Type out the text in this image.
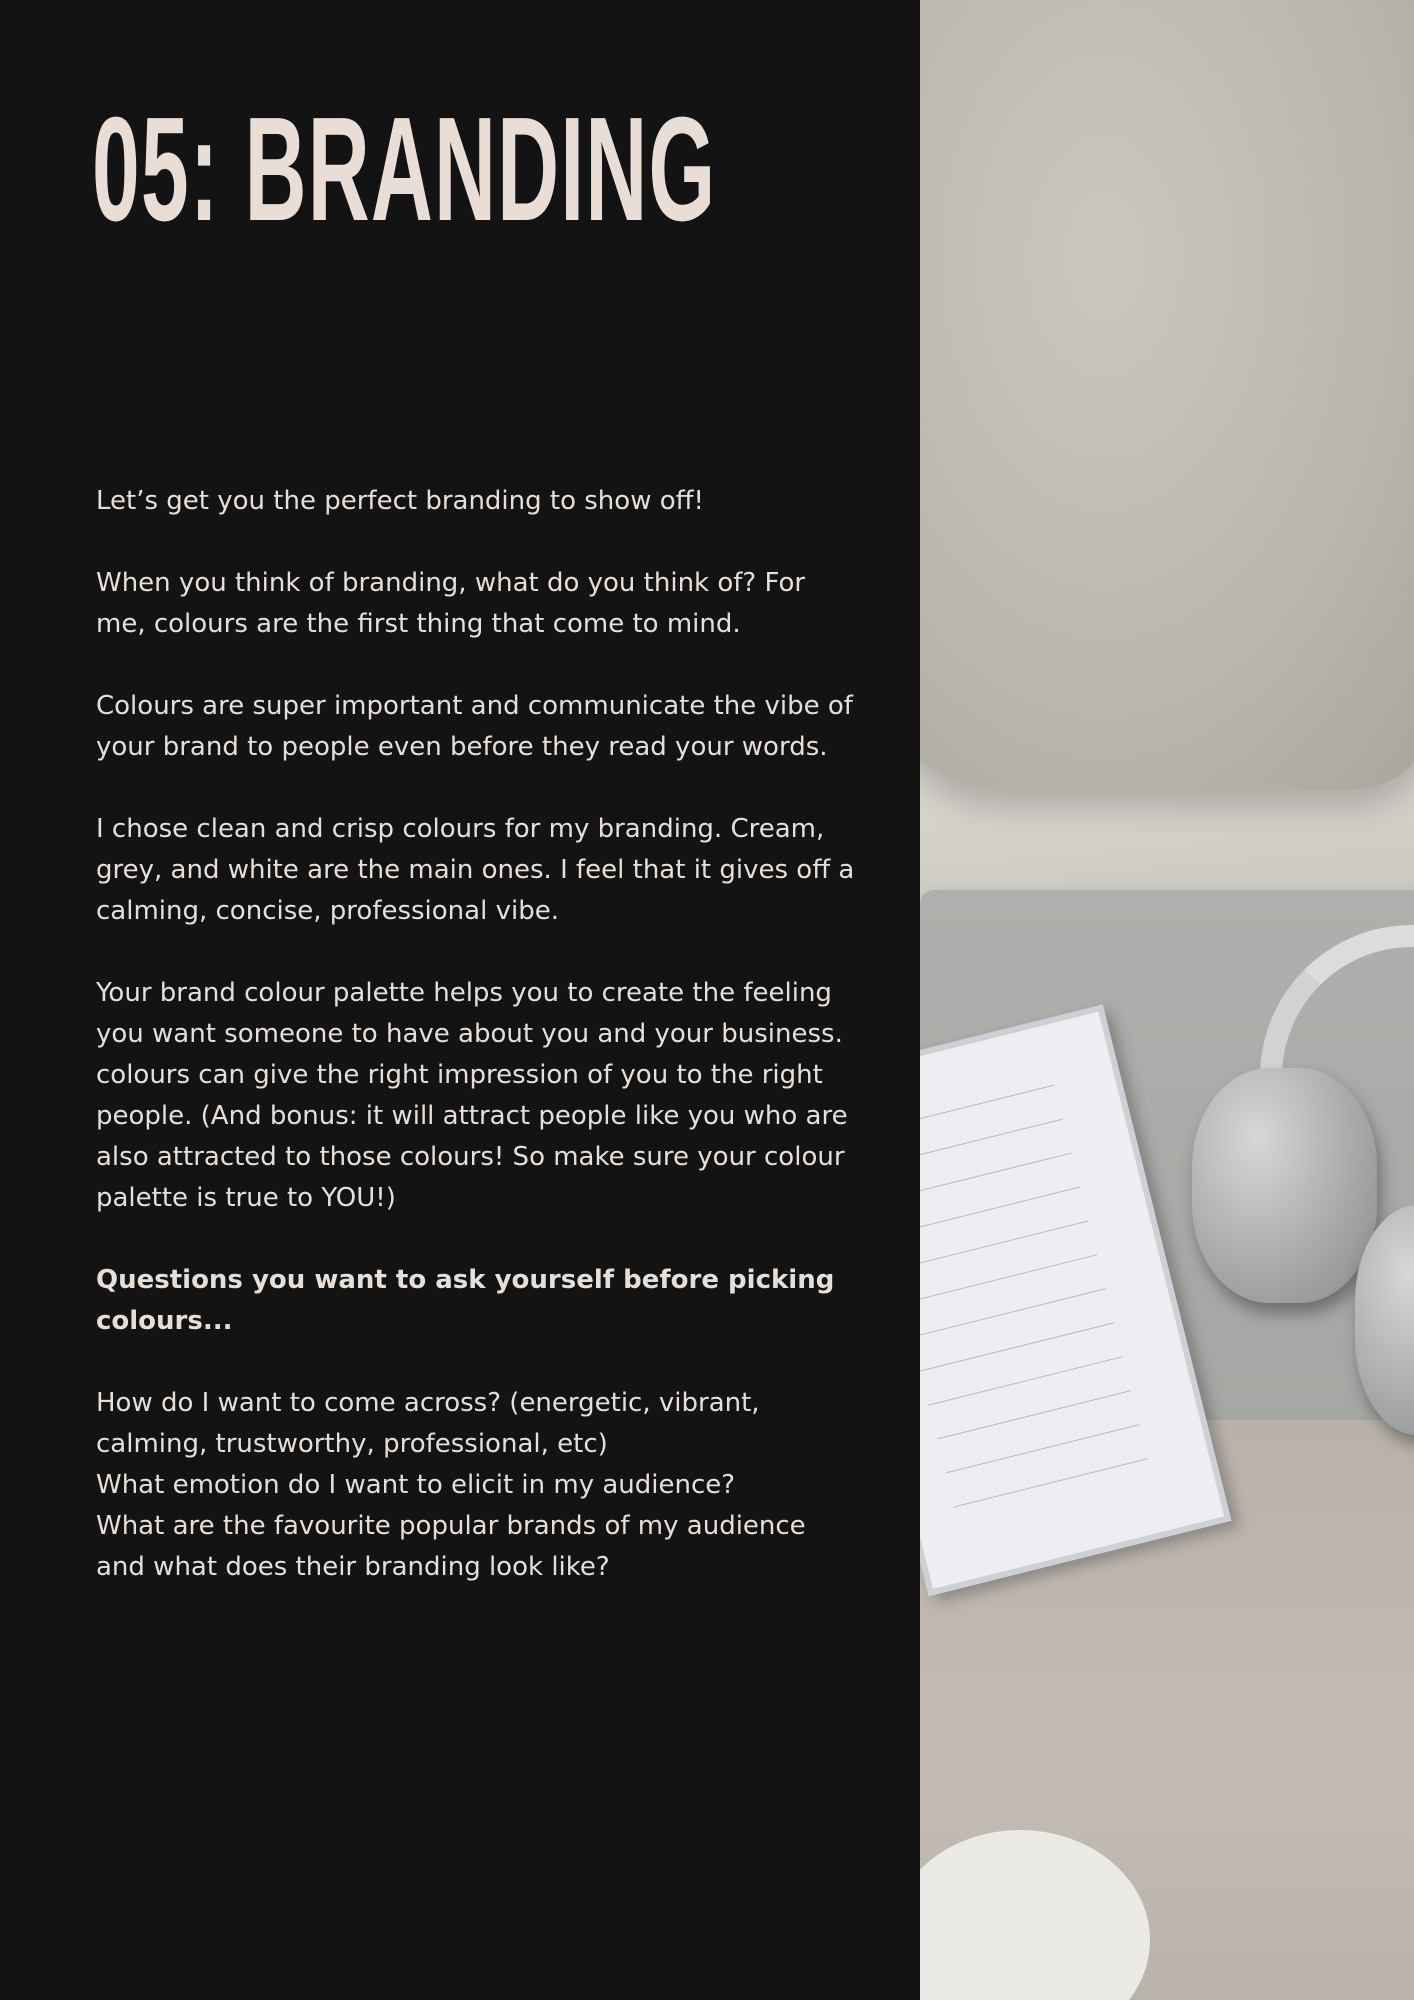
05: BRANDING

Let’s get you the perfect branding to show off!

When you think of branding, what do you think of? For me, colours are the first thing that come to mind.

Colours are super important and communicate the vibe of your brand to people even before they read your words.

I chose clean and crisp colours for my branding. Cream, grey, and white are the main ones. I feel that it gives off a calming, concise, professional vibe.

Your brand colour palette helps you to create the feeling you want someone to have about you and your business. colours can give the right impression of you to the right people. (And bonus: it will attract people like you who are also attracted to those colours! So make sure your colour palette is true to YOU!)

Questions you want to ask yourself before picking colours...

How do I want to come across? (energetic, vibrant, calming, trustworthy, professional, etc)
What emotion do I want to elicit in my audience?
What are the favourite popular brands of my audience and what does their branding look like?
